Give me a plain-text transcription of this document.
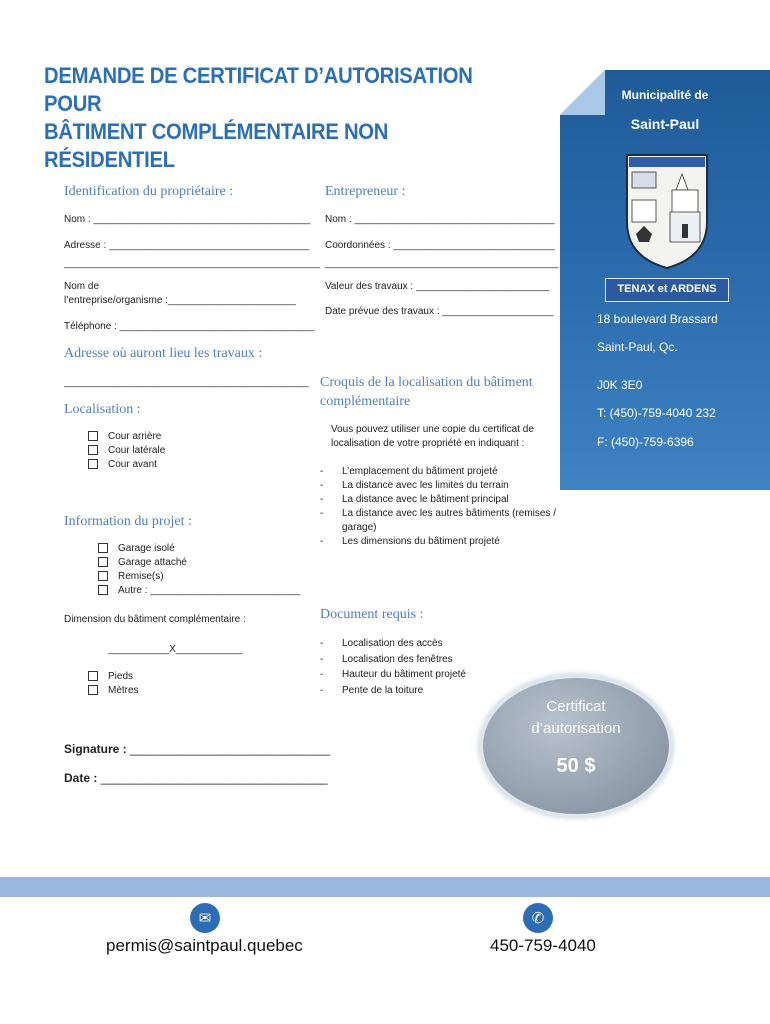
DEMANDE DE CERTIFICAT D’AUTORISATION POUR
BÂTIMENT COMPLÉMENTAIRE NON RÉSIDENTIEL
Municipalité de
Saint-Paul
TENAX et ARDENS
18 boulevard Brassard
Saint-Paul, Qc.
J0K 3E0
T: (450)-759-4040 232
F: (450)-759-6396
Identification du propriétaire :
Nom : _______________________________________
Adresse : ____________________________________
______________________________________________
Nom de
l’entreprise/organisme :_______________________
Téléphone : ___________________________________
Entrepreneur :
Nom : ____________________________________
Coordonnées : _____________________________
__________________________________________
Valeur des travaux : ________________________
Date prévue des travaux : ____________________
Adresse où auront lieu les travaux :
____________________________________________
Localisation :
Cour arrière
Cour latérale
Cour avant
Croquis de la localisation du bâtiment
complémentaire
Vous pouvez utiliser une copie du certificat de
localisation de votre propriété en indiquant :
- L’emplacement du bâtiment projeté
- La distance avec les limites du terrain
- La distance avec le bâtiment principal
- La distance avec les autres bâtiments (remises / garage)
- Les dimensions du bâtiment projeté
Information du projet :
Garage isolé
Garage attaché
Remise(s)
Autre : ___________________________
Dimension du bâtiment complémentaire :
___________X____________
Pieds
Mètres
Document requis :
- Localisation des accès
- Localisation des fenêtres
- Hauteur du bâtiment projeté
- Pente de la toiture
Signature : ______________________________
Date : __________________________________
Certificat
d’autorisation
50 $
✉	✆
permis@saintpaul.quebec	450-759-4040
